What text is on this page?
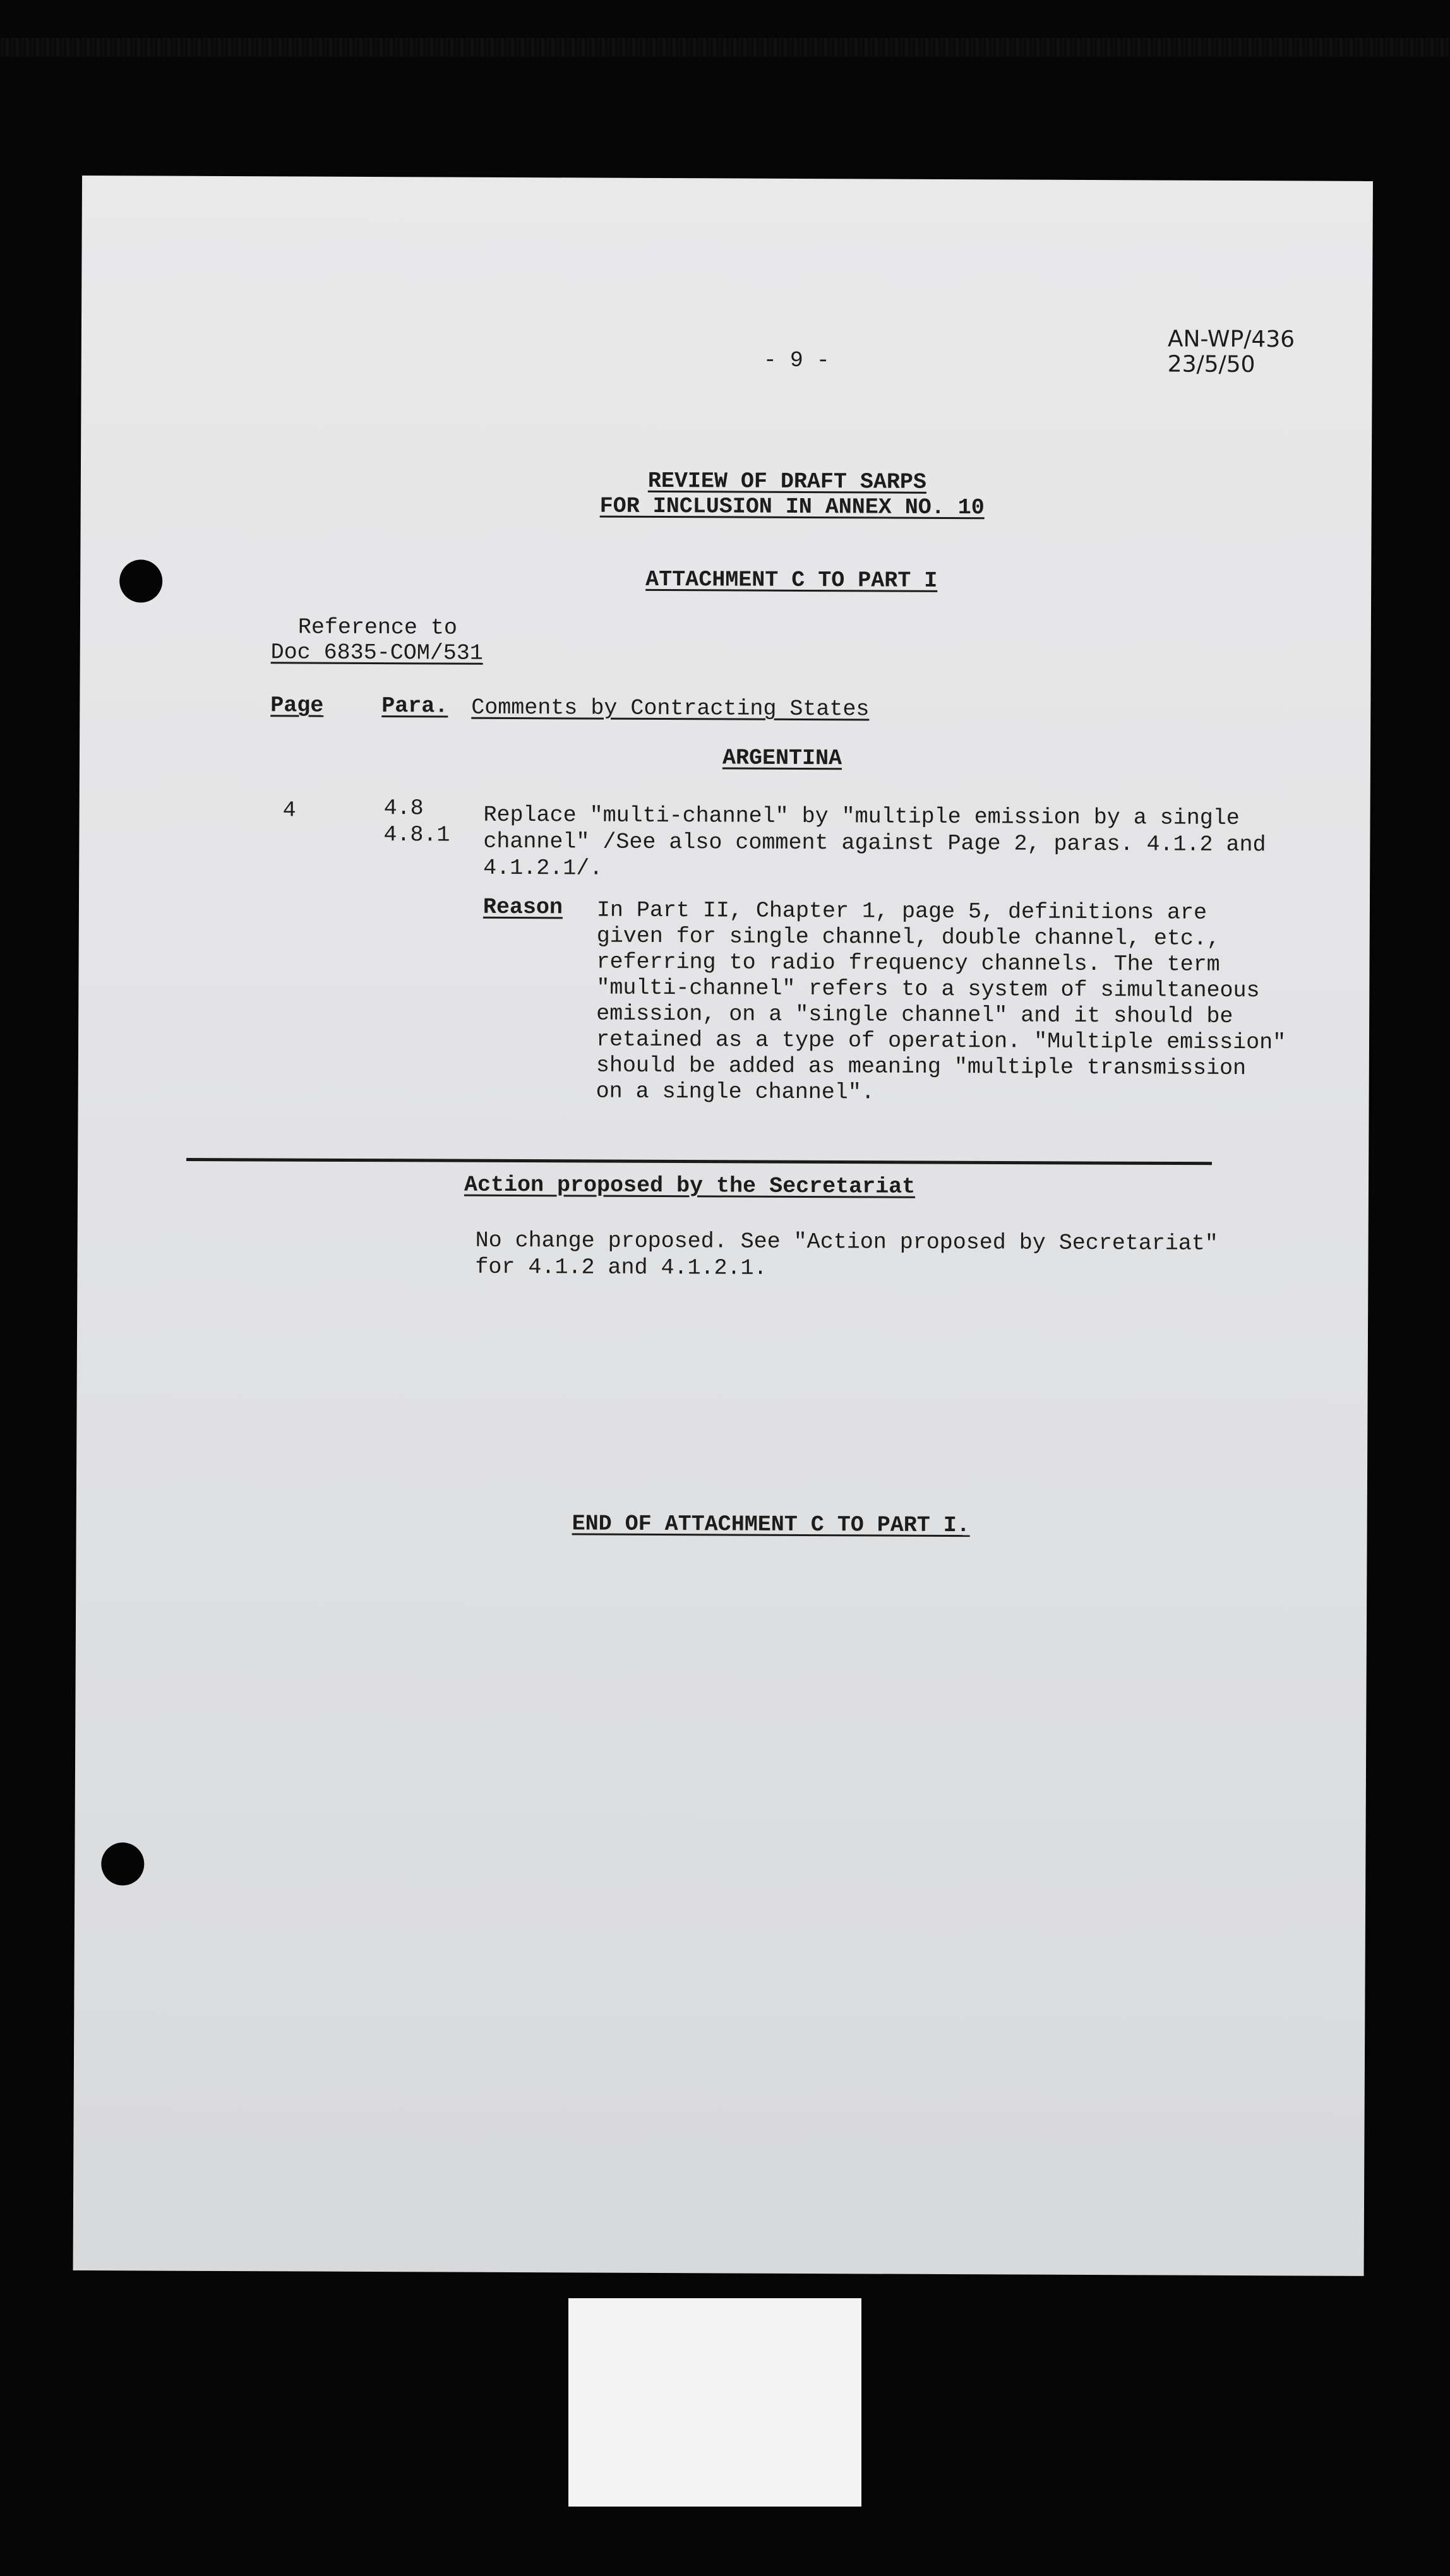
- 9 -
AN-WP/436
23/5/50
REVIEW OF DRAFT SARPS
FOR INCLUSION IN ANNEX NO. 10
ATTACHMENT C TO PART I
Reference to
Doc 6835-COM/531
Page	Para. Comments by Contracting States
ARGENTINA
4	4.8
4.8.1
Replace "multi-channel" by "multiple emission by a single
channel" /See also comment against Page 2, paras. 4.1.2 and
4.1.2.1/.
Reason In Part II, Chapter 1, page 5, definitions are
given for single channel, double channel, etc.,
referring to radio frequency channels. The term
"multi-channel" refers to a system of simultaneous
emission, on a "single channel" and it should be
retained as a type of operation. "Multiple emission"
should be added as meaning "multiple transmission
on a single channel".
Action proposed by the Secretariat
No change proposed. See "Action proposed by Secretariat"
for 4.1.2 and 4.1.2.1.
END OF ATTACHMENT C TO PART I.
